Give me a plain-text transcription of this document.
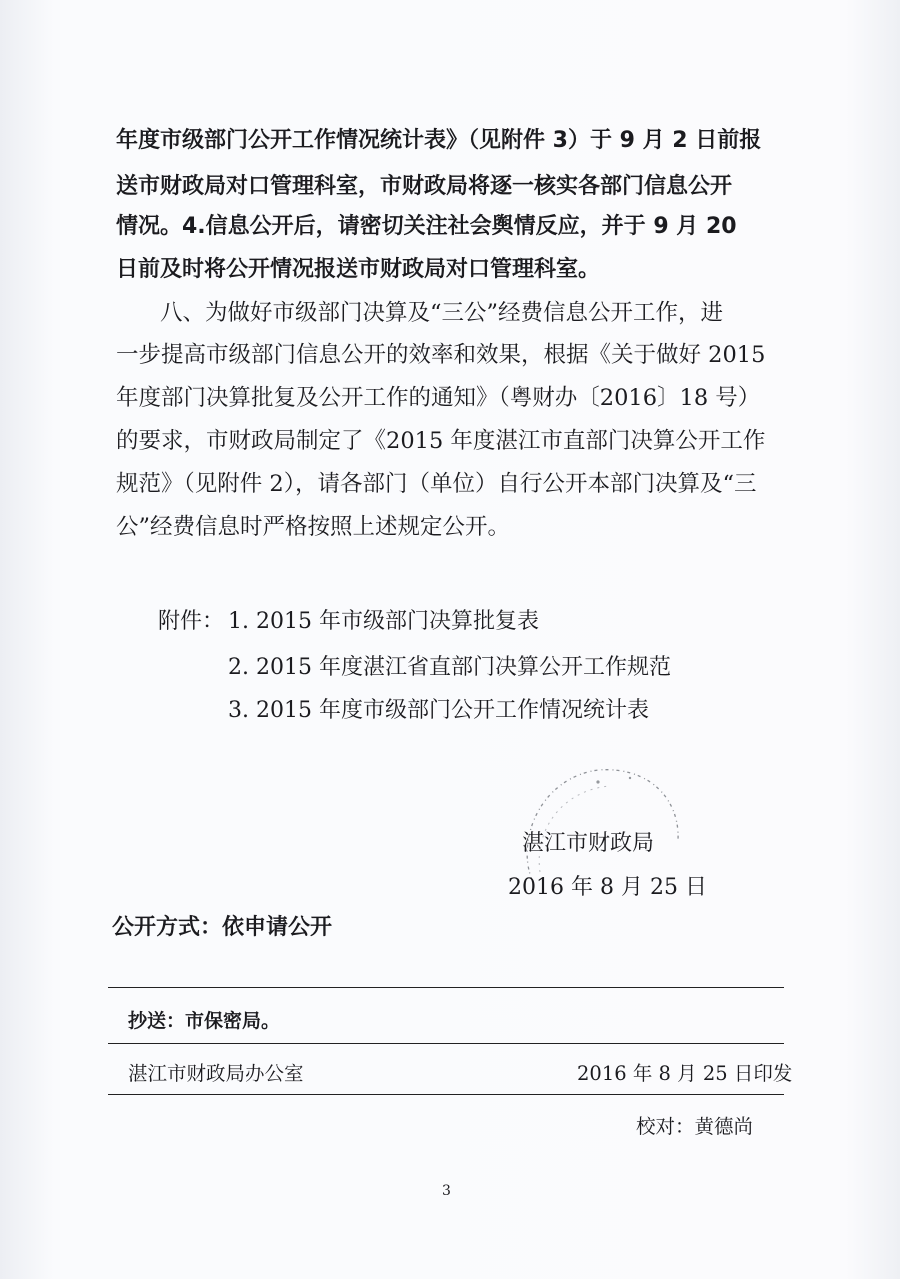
年度市级部门公开工作情况统计表》（见附件 3）于 9 月 2 日前报
送市财政局对口管理科室，市财政局将逐一核实各部门信息公开
情况。4.信息公开后，请密切关注社会舆情反应，并于 9 月 20
日前及时将公开情况报送市财政局对口管理科室。
八、为做好市级部门决算及“三公”经费信息公开工作，进
一步提高市级部门信息公开的效率和效果，根据《关于做好 2015
年度部门决算批复及公开工作的通知》（粤财办〔2016〕18 号）
的要求，市财政局制定了《2015 年度湛江市直部门决算公开工作
规范》（见附件 2），请各部门（单位）自行公开本部门决算及“三
公”经费信息时严格按照上述规定公开。
附件： 1. 2015 年市级部门决算批复表
2. 2015 年度湛江省直部门决算公开工作规范
3. 2015 年度市级部门公开工作情况统计表
湛江市财政局
2016 年 8 月 25 日
公开方式：依申请公开
抄送：市保密局。
湛江市财政局办公室	2016 年 8 月 25 日印发
校对：黄德尚
3
